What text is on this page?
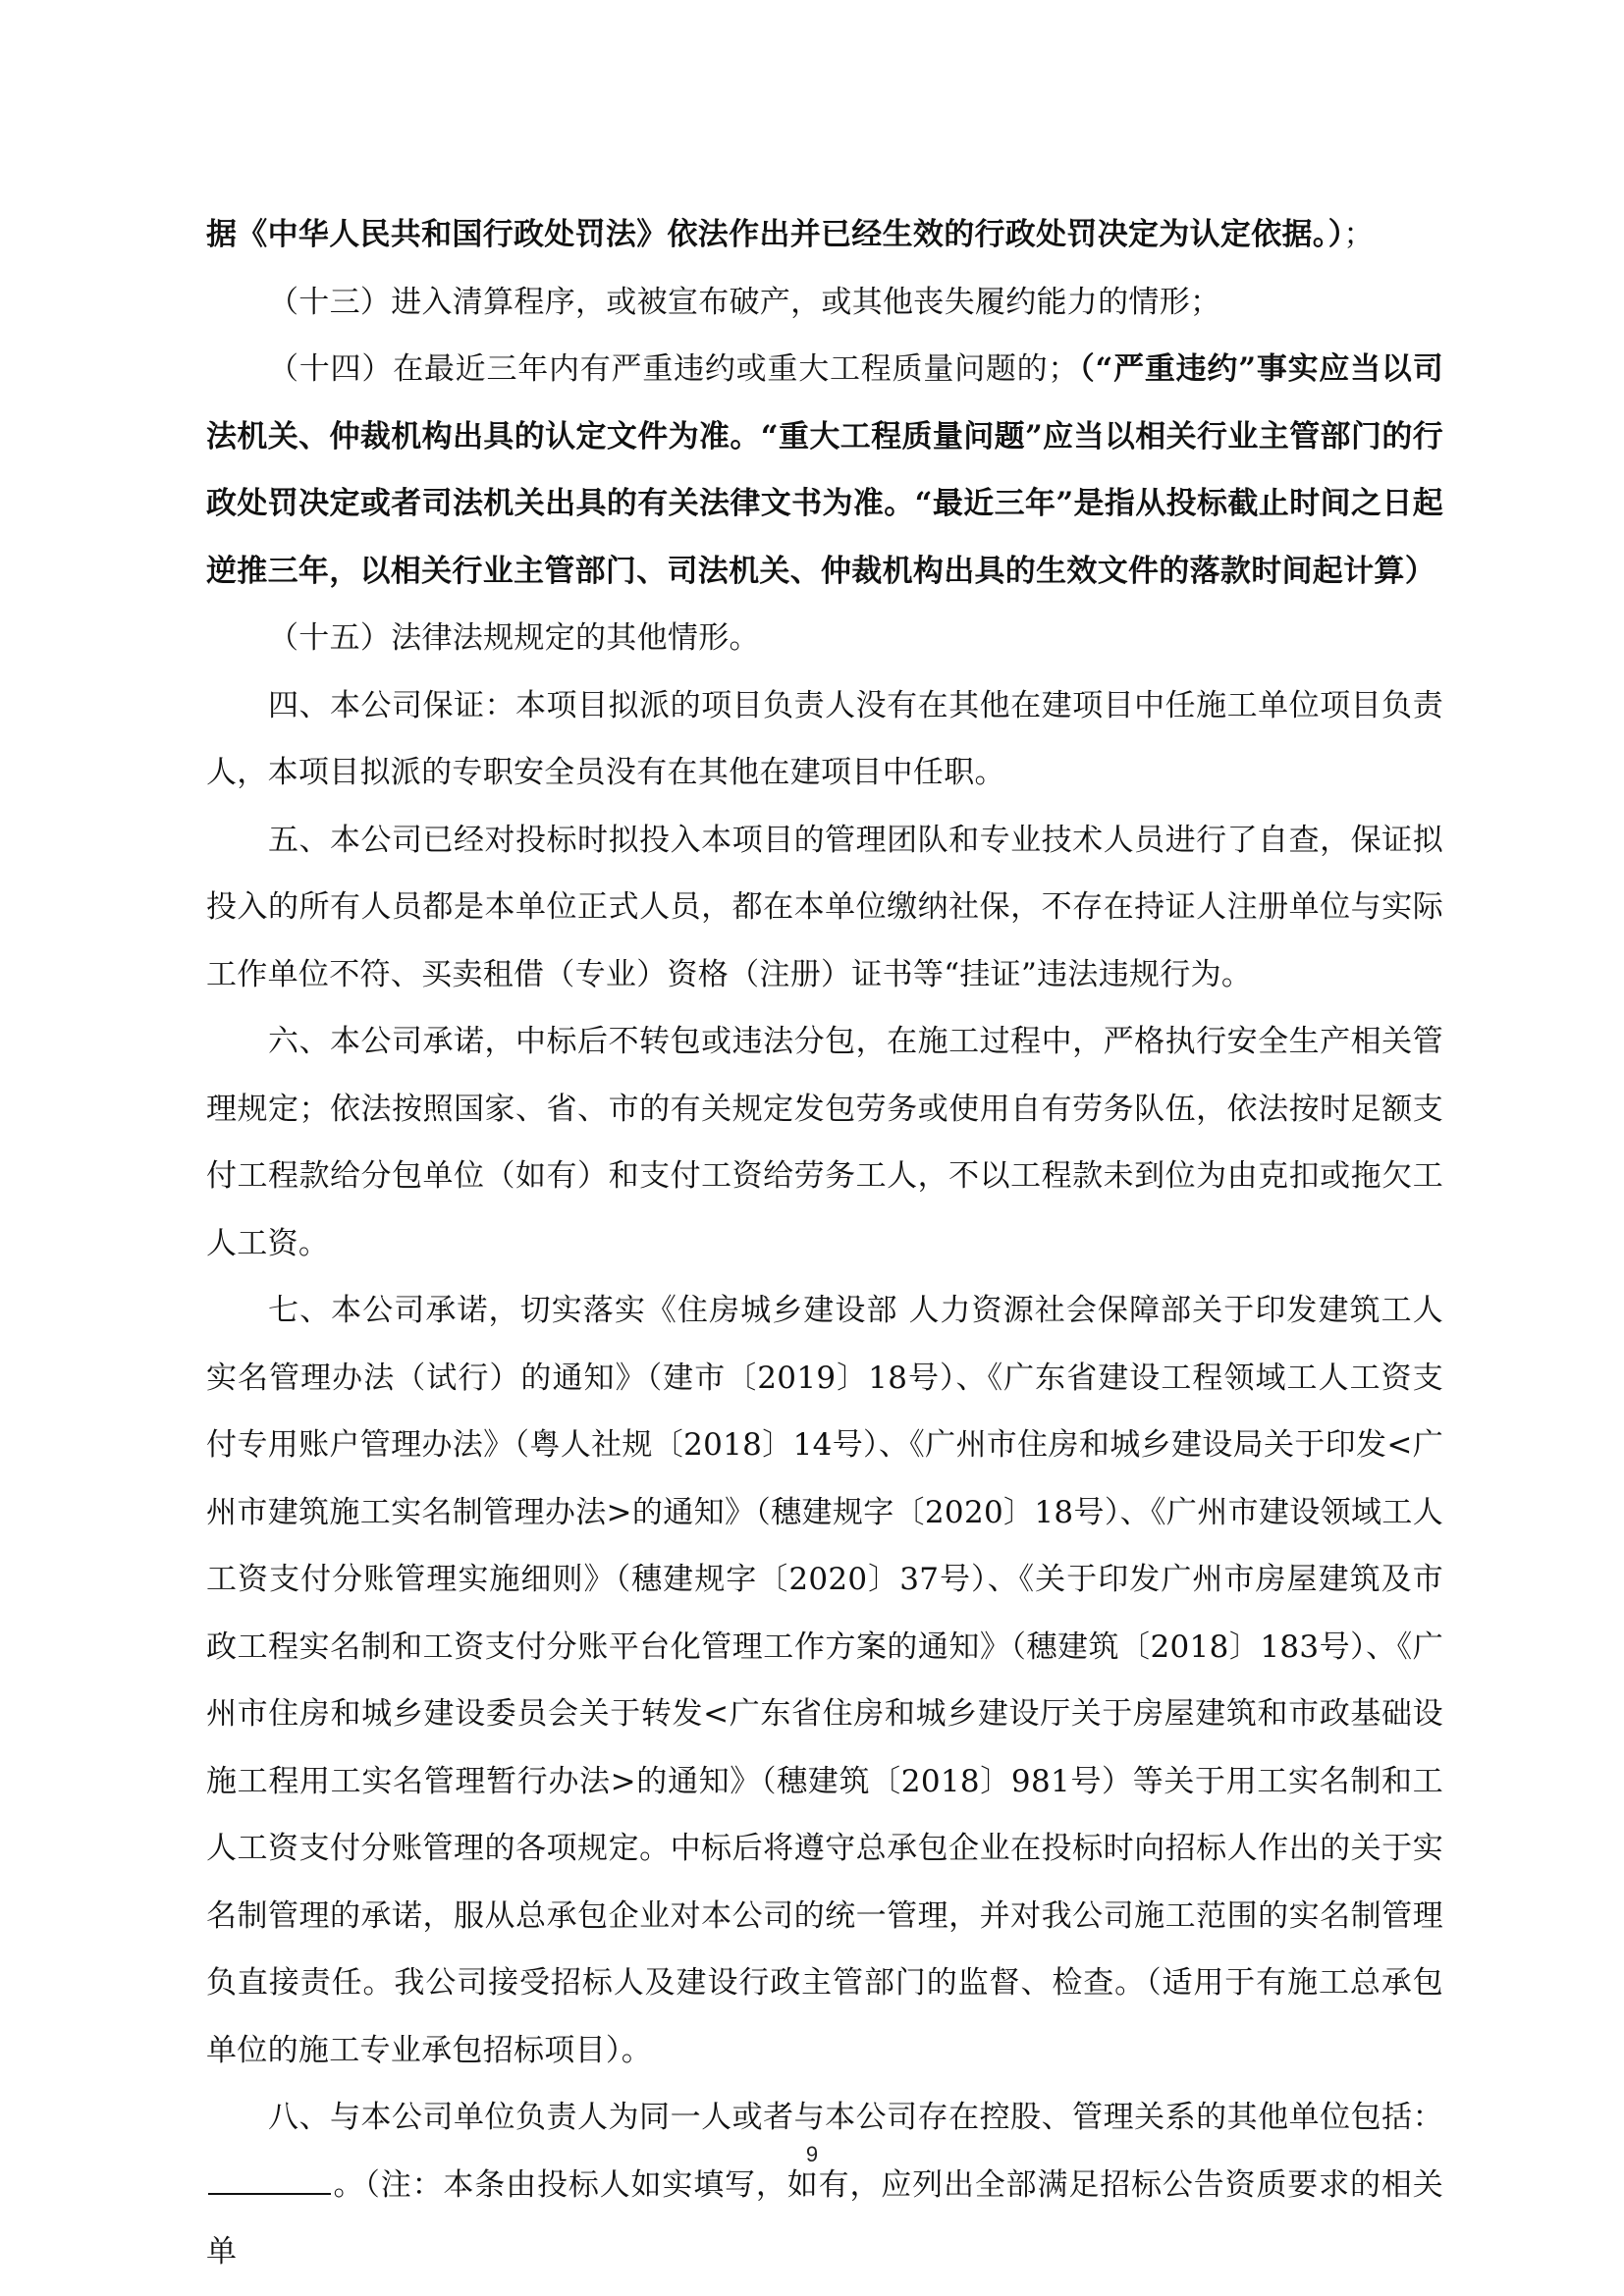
据《中华人民共和国行政处罚法》依法作出并已经生效的行政处罚决定为认定依据。）；

（十三）进入清算程序，或被宣布破产，或其他丧失履约能力的情形；

（十四）在最近三年内有严重违约或重大工程质量问题的；（“严重违约”事实应当以司法机关、仲裁机构出具的认定文件为准。“重大工程质量问题”应当以相关行业主管部门的行政处罚决定或者司法机关出具的有关法律文书为准。“最近三年”是指从投标截止时间之日起逆推三年，以相关行业主管部门、司法机关、仲裁机构出具的生效文件的落款时间起计算）

（十五）法律法规规定的其他情形。

四、本公司保证：本项目拟派的项目负责人没有在其他在建项目中任施工单位项目负责人，本项目拟派的专职安全员没有在其他在建项目中任职。

五、本公司已经对投标时拟投入本项目的管理团队和专业技术人员进行了自查，保证拟投入的所有人员都是本单位正式人员，都在本单位缴纳社保，不存在持证人注册单位与实际工作单位不符、买卖租借（专业）资格（注册）证书等“挂证”违法违规行为。

六、本公司承诺，中标后不转包或违法分包，在施工过程中，严格执行安全生产相关管理规定；依法按照国家、省、市的有关规定发包劳务或使用自有劳务队伍，依法按时足额支付工程款给分包单位（如有）和支付工资给劳务工人，不以工程款未到位为由克扣或拖欠工人工资。

七、本公司承诺，切实落实《住房城乡建设部 人力资源社会保障部关于印发建筑工人实名管理办法（试行）的通知》（建市〔2019〕18号）、《广东省建设工程领域工人工资支付专用账户管理办法》（粤人社规〔2018〕14号）、《广州市住房和城乡建设局关于印发<广州市建筑施工实名制管理办法>的通知》（穗建规字〔2020〕18号）、《广州市建设领域工人工资支付分账管理实施细则》（穗建规字〔2020〕37号）、《关于印发广州市房屋建筑及市政工程实名制和工资支付分账平台化管理工作方案的通知》（穗建筑〔2018〕183号）、《广州市住房和城乡建设委员会关于转发<广东省住房和城乡建设厅关于房屋建筑和市政基础设施工程用工实名管理暂行办法>的通知》（穗建筑〔2018〕981号）等关于用工实名制和工人工资支付分账管理的各项规定。中标后将遵守总承包企业在投标时向招标人作出的关于实名制管理的承诺，服从总承包企业对本公司的统一管理，并对我公司施工范围的实名制管理负直接责任。我公司接受招标人及建设行政主管部门的监督、检查。（适用于有施工总承包单位的施工专业承包招标项目）。

八、与本公司单位负责人为同一人或者与本公司存在控股、管理关系的其他单位包括：。（注：本条由投标人如实填写，如有，应列出全部满足招标公告资质要求的相关单

9
